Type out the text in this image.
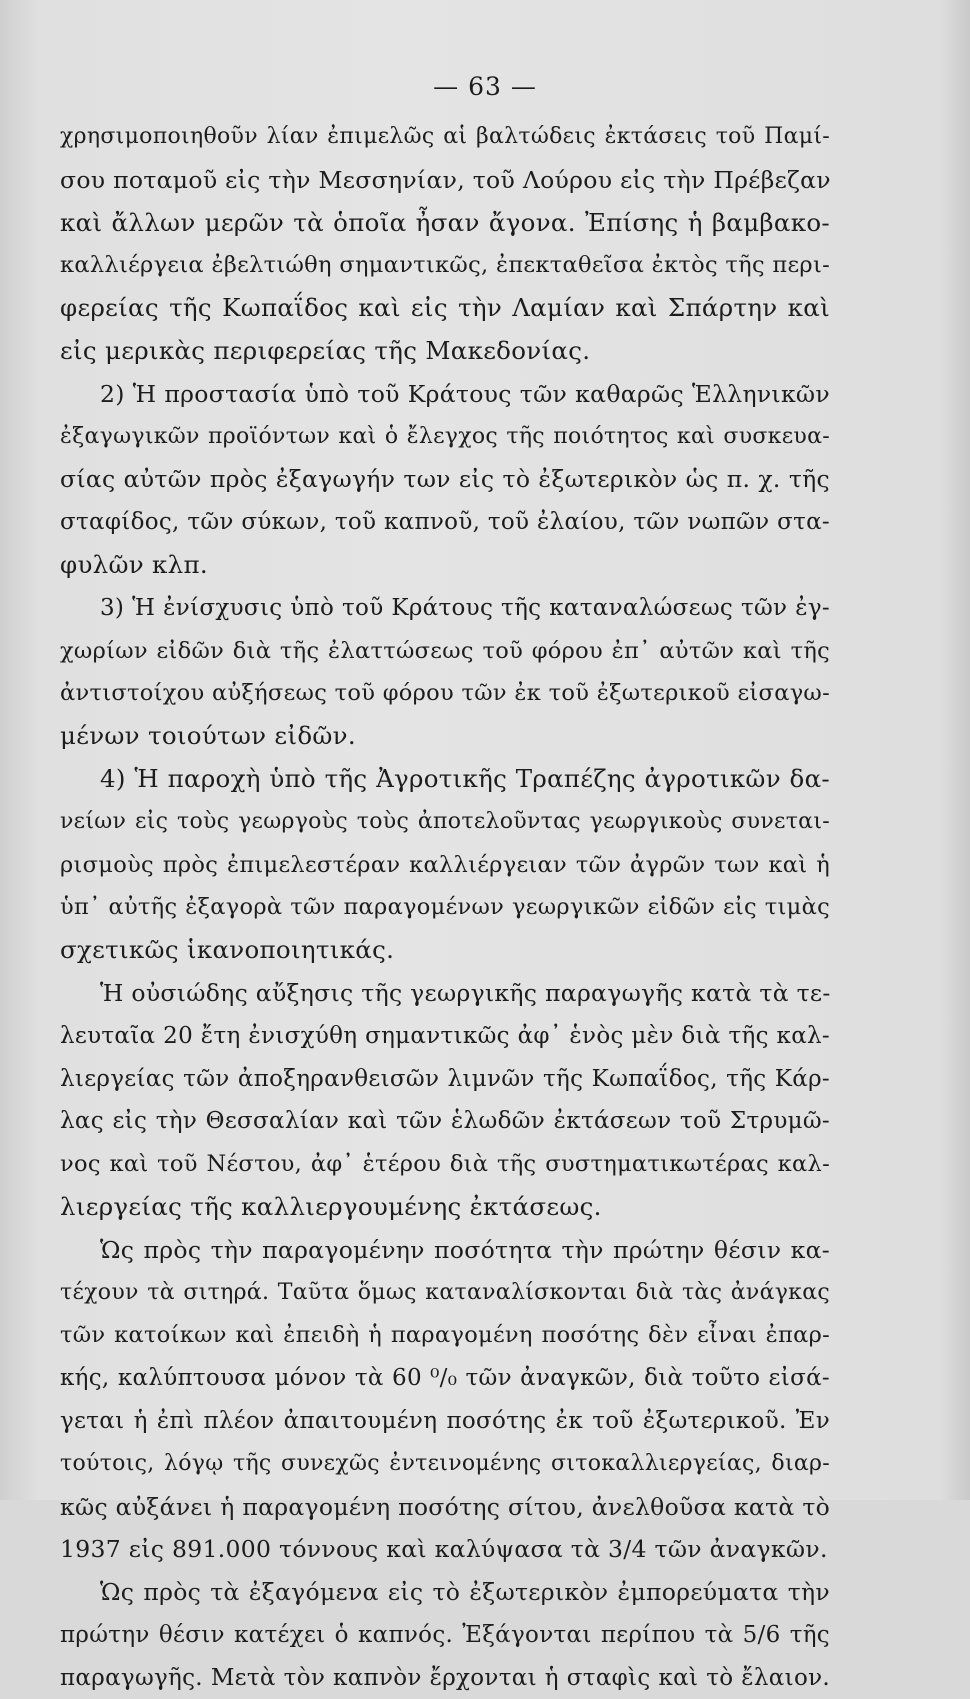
— 63 —
χρησιμοποιηθοῦν λίαν ἐπιμελῶς αἱ βαλτώδεις ἐκτάσεις τοῦ Παμί-
σου ποταμοῦ εἰς τὴν Μεσσηνίαν, τοῦ Λούρου εἰς τὴν Πρέβεζαν
καὶ ἄλλων μερῶν τὰ ὁποῖα ἦσαν ἄγονα. Ἐπίσης ἡ βαμβακο-
καλλιέργεια ἐβελτιώθη σημαντικῶς, ἐπεκταθεῖσα ἐκτὸς τῆς περι-
φερείας τῆς Κωπαΐδος καὶ εἰς τὴν Λαμίαν καὶ Σπάρτην καὶ
εἰς μερικὰς περιφερείας τῆς Μακεδονίας.
2) Ἡ προστασία ὑπὸ τοῦ Κράτους τῶν καθαρῶς Ἑλληνικῶν
ἐξαγωγικῶν προϊόντων καὶ ὁ ἔλεγχος τῆς ποιότητος καὶ συσκευα-
σίας αὐτῶν πρὸς ἐξαγωγήν των εἰς τὸ ἐξωτερικὸν ὡς π. χ. τῆς
σταφίδος, τῶν σύκων, τοῦ καπνοῦ, τοῦ ἐλαίου, τῶν νωπῶν στα-
φυλῶν κλπ.
3) Ἡ ἐνίσχυσις ὑπὸ τοῦ Κράτους τῆς καταναλώσεως τῶν ἐγ-
χωρίων εἰδῶν διὰ τῆς ἐλαττώσεως τοῦ φόρου ἐπ᾽ αὐτῶν καὶ τῆς
ἀντιστοίχου αὐξήσεως τοῦ φόρου τῶν ἐκ τοῦ ἐξωτερικοῦ εἰσαγω-
μένων τοιούτων εἰδῶν.
4) Ἡ παροχὴ ὑπὸ τῆς Ἀγροτικῆς Τραπέζης ἀγροτικῶν δα-
νείων εἰς τοὺς γεωργοὺς τοὺς ἀποτελοῦντας γεωργικοὺς συνεται-
ρισμοὺς πρὸς ἐπιμελεστέραν καλλιέργειαν τῶν ἀγρῶν των καὶ ἡ
ὑπ᾽ αὐτῆς ἐξαγορὰ τῶν παραγομένων γεωργικῶν εἰδῶν εἰς τιμὰς
σχετικῶς ἱκανοποιητικάς.
Ἡ οὐσιώδης αὔξησις τῆς γεωργικῆς παραγωγῆς κατὰ τὰ τε-
λευταῖα 20 ἔτη ἐνισχύθη σημαντικῶς ἀφ᾽ ἑνὸς μὲν διὰ τῆς καλ-
λιεργείας τῶν ἀποξηρανθεισῶν λιμνῶν τῆς Κωπαΐδος, τῆς Κάρ-
λας εἰς τὴν Θεσσαλίαν καὶ τῶν ἑλωδῶν ἐκτάσεων τοῦ Στρυμῶ-
νος καὶ τοῦ Νέστου, ἀφ᾽ ἑτέρου διὰ τῆς συστηματικωτέρας καλ-
λιεργείας τῆς καλλιεργουμένης ἐκτάσεως.
Ὡς πρὸς τὴν παραγομένην ποσότητα τὴν πρώτην θέσιν κα-
τέχουν τὰ σιτηρά. Ταῦτα ὅμως καταναλίσκονται διὰ τὰς ἀνάγκας
τῶν κατοίκων καὶ ἐπειδὴ ἡ παραγομένη ποσότης δὲν εἶναι ἐπαρ-
κής, καλύπτουσα μόνον τὰ 60 ⁰/₀ τῶν ἀναγκῶν, διὰ τοῦτο εἰσά-
γεται ἡ ἐπὶ πλέον ἀπαιτουμένη ποσότης ἐκ τοῦ ἐξωτερικοῦ. Ἐν
τούτοις, λόγῳ τῆς συνεχῶς ἐντεινομένης σιτοκαλλιεργείας, διαρ-
κῶς αὐξάνει ἡ παραγομένη ποσότης σίτου, ἀνελθοῦσα κατὰ τὸ
1937 εἰς 891.000 τόννους καὶ καλύψασα τὰ 3/4 τῶν ἀναγκῶν.
Ὡς πρὸς τὰ ἐξαγόμενα εἰς τὸ ἐξωτερικὸν ἐμπορεύματα τὴν
πρώτην θέσιν κατέχει ὁ καπνός. Ἐξάγονται περίπου τὰ 5/6 τῆς
παραγωγῆς. Μετὰ τὸν καπνὸν ἔρχονται ἡ σταφὶς καὶ τὸ ἔλαιον.
